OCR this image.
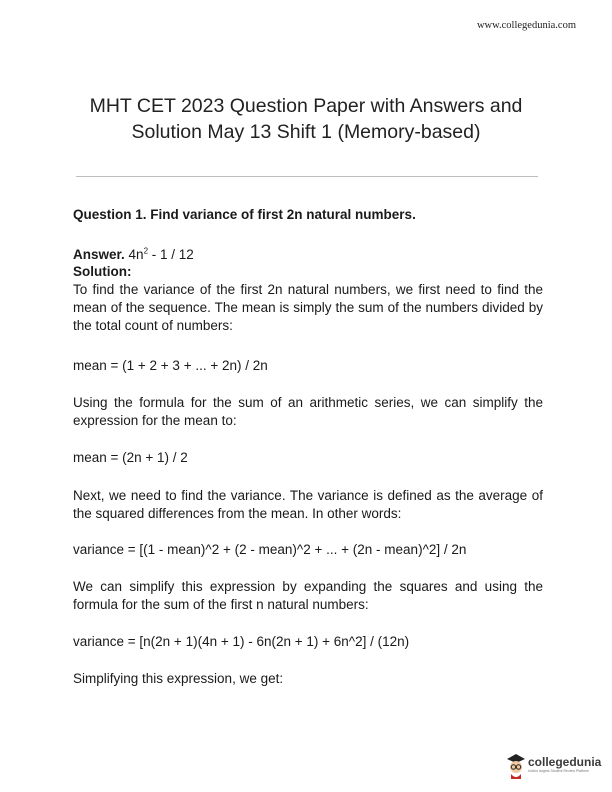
www.collegedunia.com
MHT CET 2023 Question Paper with Answers and
Solution May 13 Shift 1 (Memory-based)

Question 1. Find variance of first 2n natural numbers.

Answer. $4n^2 - 1 / 12$

Solution:

To find the variance of the first 2n natural numbers, we first need to find the mean of the sequence. The mean is simply the sum of the numbers divided by the total count of numbers:

mean = (1 + 2 + 3 + ... + 2n) / 2n

Using the formula for the sum of an arithmetic series, we can simplify the expression for the mean to:

mean = (2n + 1) / 2

Next, we need to find the variance. The variance is defined as the average of the squared differences from the mean. In other words:

variance = [(1 - mean)^2 + (2 - mean)^2 + ... + (2n - mean)^2] / 2n

We can simplify this expression by expanding the squares and using the formula for the sum of the first n natural numbers:

variance = [n(2n + 1)(4n + 1) - 6n(2n + 1) + 6n^2] / (12n)

Simplifying this expression, we get:

collegedunia
India's largest Student Review Platform
